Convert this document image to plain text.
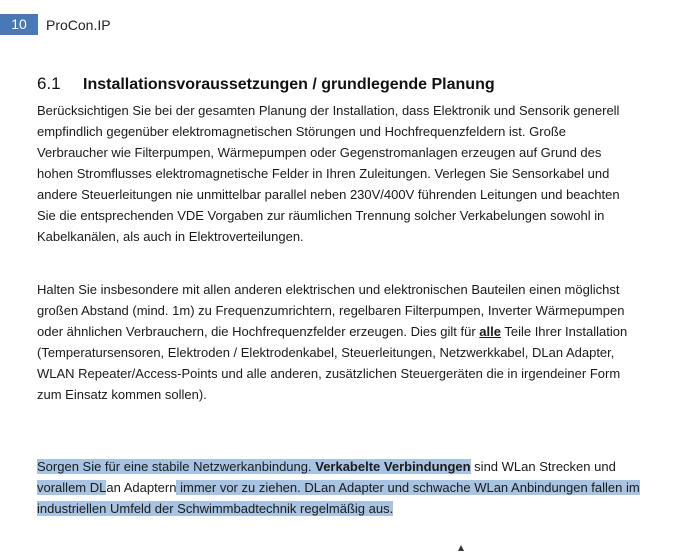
10	ProCon.IP
6.1 Installationsvoraussetzungen / grundlegende Planung
Berücksichtigen Sie bei der gesamten Planung der Installation, dass Elektronik und Sensorik generell
empfindlich gegenüber elektromagnetischen Störungen und Hochfrequenzfeldern ist. Große
Verbraucher wie Filterpumpen, Wärmepumpen oder Gegenstromanlagen erzeugen auf Grund des
hohen Stromflusses elektromagnetische Felder in Ihren Zuleitungen. Verlegen Sie Sensorkabel und
andere Steuerleitungen nie unmittelbar parallel neben 230V/400V führenden Leitungen und beachten
Sie die entsprechenden VDE Vorgaben zur räumlichen Trennung solcher Verkabelungen sowohl in
Kabelkanälen, als auch in Elektroverteilungen.
Halten Sie insbesondere mit allen anderen elektrischen und elektronischen Bauteilen einen möglichst
großen Abstand (mind. 1m) zu Frequenzumrichtern, regelbaren Filterpumpen, Inverter Wärmepumpen
oder ähnlichen Verbrauchern, die Hochfrequenzfelder erzeugen. Dies gilt für alle Teile Ihrer Installation
(Temperatursensoren, Elektroden / Elektrodenkabel, Steuerleitungen, Netzwerkkabel, DLan Adapter,
WLAN Repeater/Access-Points und alle anderen, zusätzlichen Steuergeräten die in irgendeiner Form
zum Einsatz kommen sollen).
Sorgen Sie für eine stabile Netzwerkanbindung. Verkabelte Verbindungen sind WLan Strecken und
vorallem DLan Adaptern immer vor zu ziehen. DLan Adapter und schwache WLan Anbindungen fallen im
industriellen Umfeld der Schwimmbadtechnik regelmäßig aus.
